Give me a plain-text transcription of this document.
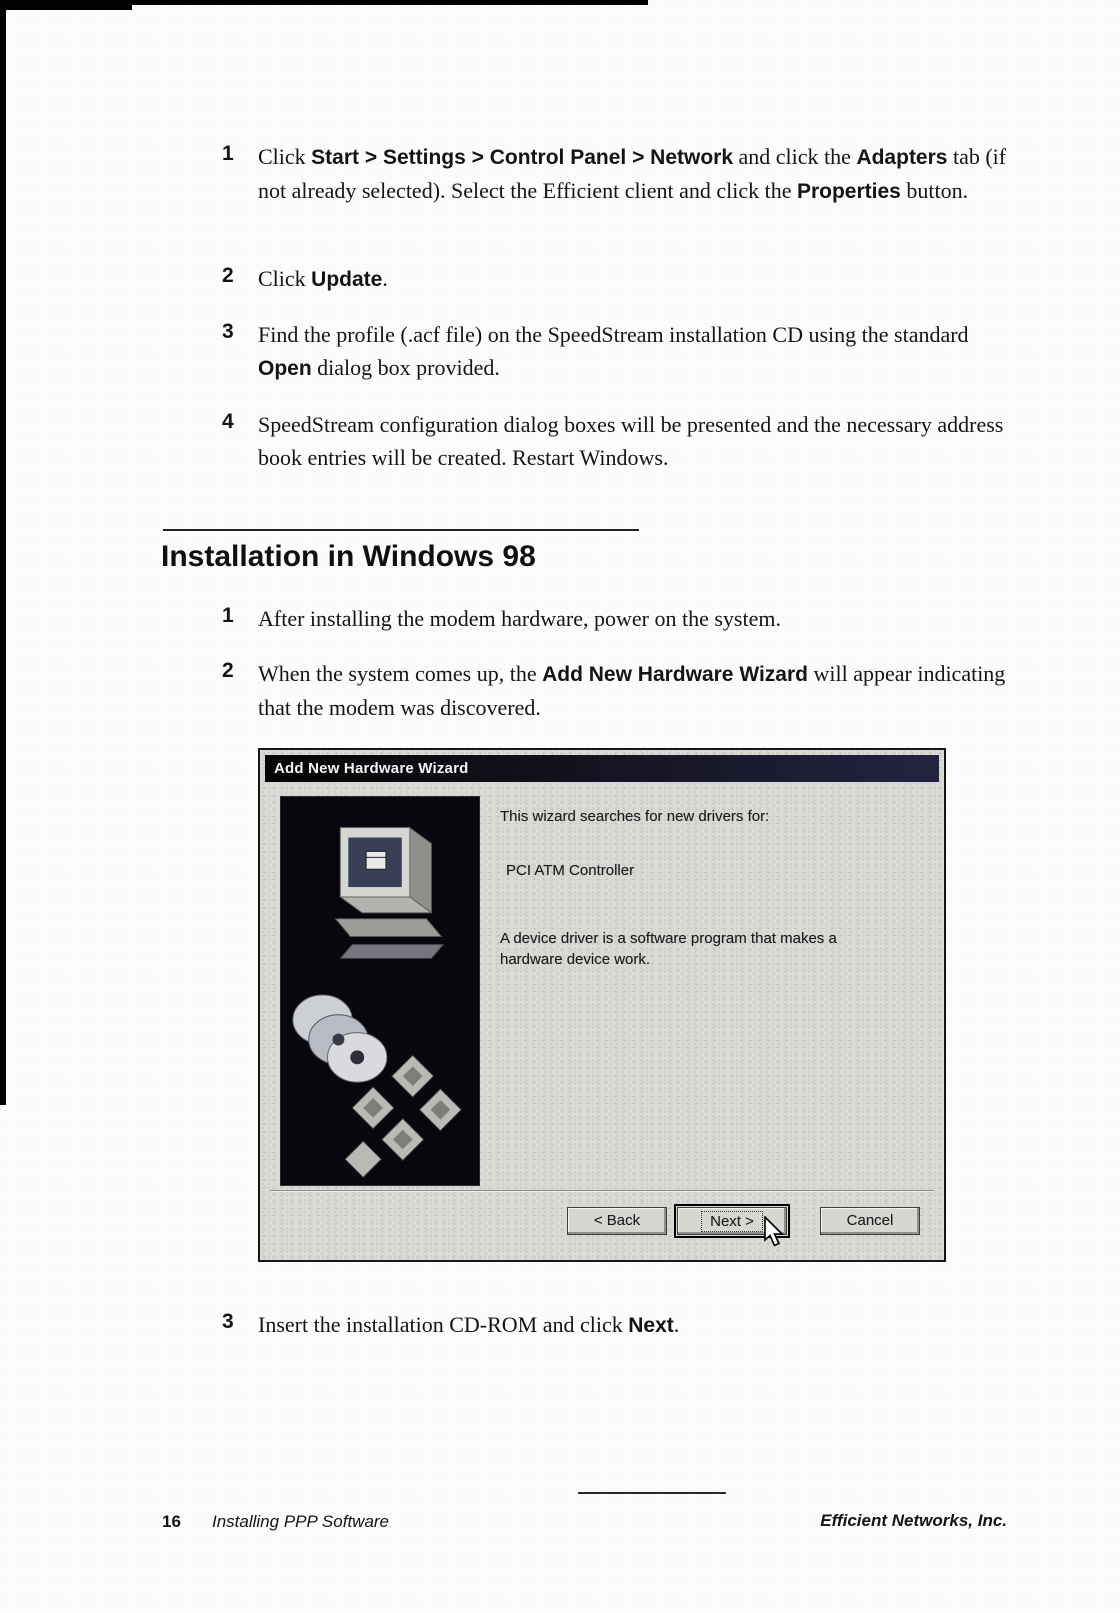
1	Click Start > Settings > Control Panel > Network and click the Adapters tab (if not already selected). Select the Efficient client and click the Properties button.

2	Click Update.

3	Find the profile (.acf file) on the SpeedStream installation CD using the standard Open dialog box provided.

4	SpeedStream configuration dialog boxes will be presented and the necessary address book entries will be created. Restart Windows.

Installation in Windows 98
1	After installing the modem hardware, power on the system.

2	When the system comes up, the Add New Hardware Wizard will appear indicating that the modem was discovered.

Add New Hardware Wizard
This wizard searches for new drivers for:
PCI ATM Controller
A device driver is a software program that makes a hardware device work.
< Back	Next >	Cancel
3	Insert the installation CD-ROM and click Next.

16 Installing PPP Software	Efficient Networks, Inc.
